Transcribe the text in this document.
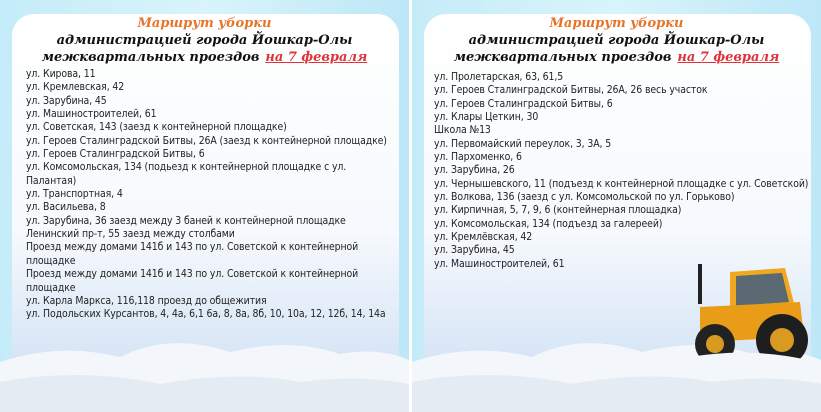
Маршрут уборки
администрацией города Йошкар-Олы
межквартальных проездов на 7 февраля
ул. Кирова, 11
ул. Кремлевская, 42
ул. Зарубина, 45
ул. Машиностроителей, 61
ул. Советская, 143 (заезд к контейнерной площадке)
ул. Героев Сталинградской Битвы, 26А (заезд к контейнерной площадке)
ул. Героев Сталинградской Битвы, 6
ул. Комсомольская, 134 (подьезд к контейнерной площадке с ул. Палантая)
ул. Транспортная, 4
ул. Васильева, 8
ул. Зарубина, 36 заезд между 3 баней к контейнерной площадке
Ленинский пр-т, 55 заезд между столбами
Проезд между домами 141б и 143 по ул. Советской к контейнерной площадке
Проезд между домами 141б и 143 по ул. Советской к контейнерной площадке
ул. Карла Маркса, 116,118 проезд до общежития
ул. Подольских Курсантов, 4, 4а, 6,1 6а, 8, 8а, 8б, 10, 10а, 12, 12б, 14, 14а
Маршрут уборки
администрацией города Йошкар-Олы
межквартальных проездов на 7 февраля
ул. Пролетарская, 63, 61,5
ул. Героев Сталинградской Битвы, 26А, 26 весь участок
ул. Героев Сталинградской Битвы, 6
ул. Клары Цеткин, 30
Школа №13
ул. Первомайский переулок, 3, 3А, 5
ул. Пархоменко, 6
ул. Зарубина, 26
ул. Чернышевского, 11 (подъезд к контейнерной площадке с ул. Советской)
ул. Волкова, 136 (заезд с ул. Комсомольской по ул. Горьково)
ул. Кирпичная, 5, 7, 9, 6 (контейнерная площадка)
ул. Комсомольская, 134 (подъезд за галереей)
ул. Кремлёвская, 42
ул. Зарубина, 45
ул. Машиностроителей, 61
